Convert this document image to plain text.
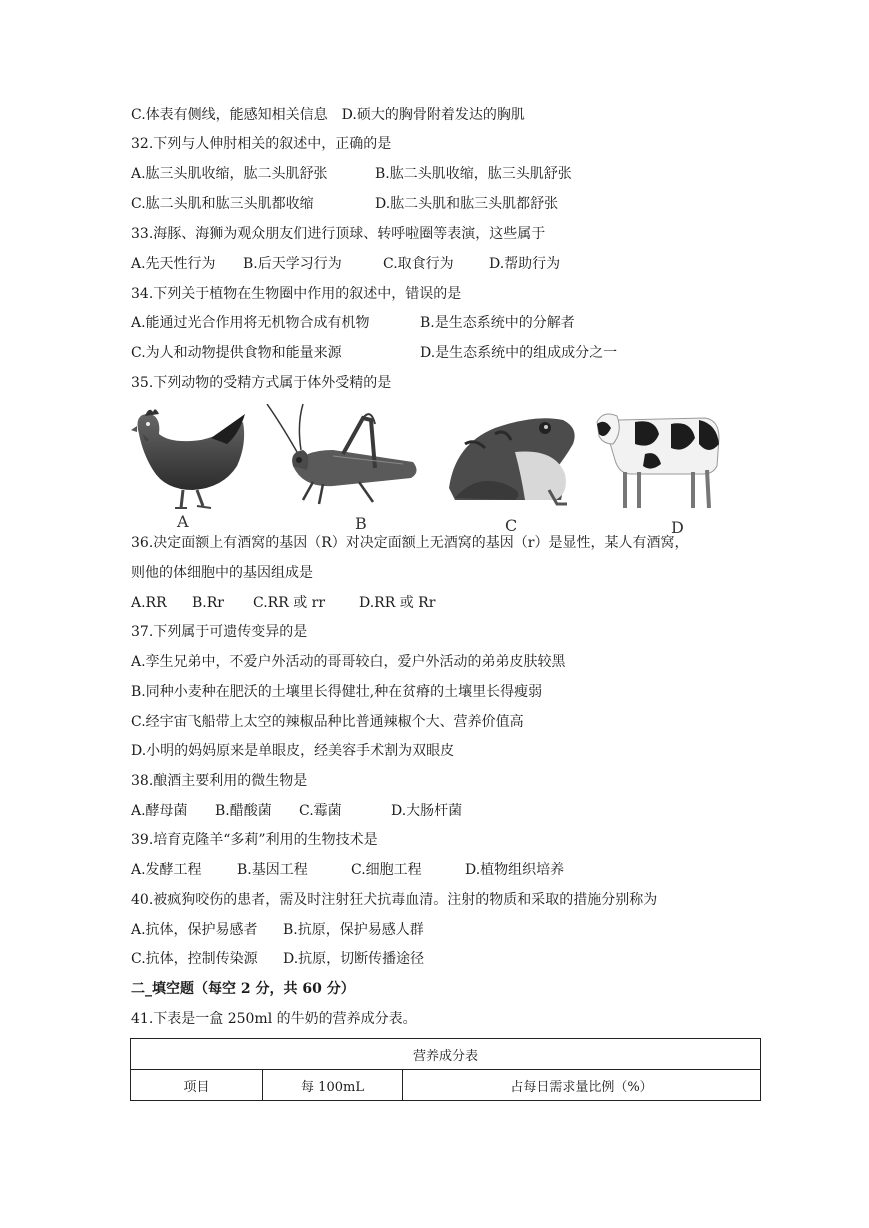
C.体表有侧线，能感知相关信息 D.硕大的胸骨附着发达的胸肌
32.下列与人伸肘相关的叙述中，正确的是
A.肱三头肌收缩，肱二头肌舒张	B.肱二头肌收缩，肱三头肌舒张
C.肱二头肌和肱三头肌都收缩	D.肱二头肌和肱三头肌都舒张
33.海豚、海狮为观众朋友们进行顶球、转呼啦圈等表演，这些属于
A.先天性行为 B.后天学习行为	C.取食行为	D.帮助行为
34.下列关于植物在生物圈中作用的叙述中，错误的是
A.能通过光合作用将无机物合成有机物	B.是生态系统中的分解者
C.为人和动物提供食物和能量来源	D.是生态系统中的组成成分之一
35.下列动物的受精方式属于体外受精的是
A	B	C	D
36.决定面额上有酒窝的基因（R）对决定面额上无酒窝的基因（r）是显性，某人有酒窝，
则他的体细胞中的基因组成是
A.RR B.Rr C.RR 或 rr D.RR 或 Rr
37.下列属于可遗传变异的是
A.孪生兄弟中，不爱户外活动的哥哥较白，爱户外活动的弟弟皮肤较黑
B.同种小麦种在肥沃的土壤里长得健壮,种在贫瘠的土壤里长得瘦弱
C.经宇宙飞船带上太空的辣椒品种比普通辣椒个大、营养价值高
D.小明的妈妈原来是单眼皮，经美容手术割为双眼皮
38.酿酒主要利用的微生物是
A.酵母菌 B.醋酸菌 C.霉菌	D.大肠杆菌
39.培育克隆羊“多莉”利用的生物技术是
A.发酵工程	B.基因工程	C.细胞工程	D.植物组织培养
40.被疯狗咬伤的患者，需及时注射狂犬抗毒血清。注射的物质和采取的措施分别称为
A.抗体，保护易感者 B.抗原，保护易感人群
C.抗体，控制传染源 D.抗原，切断传播途径
二_填空题（每空 2 分，共 60 分）
41.下表是一盒 250ml 的牛奶的营养成分表。
营养成分表
项目	每 100mL	占每日需求量比例（%）
